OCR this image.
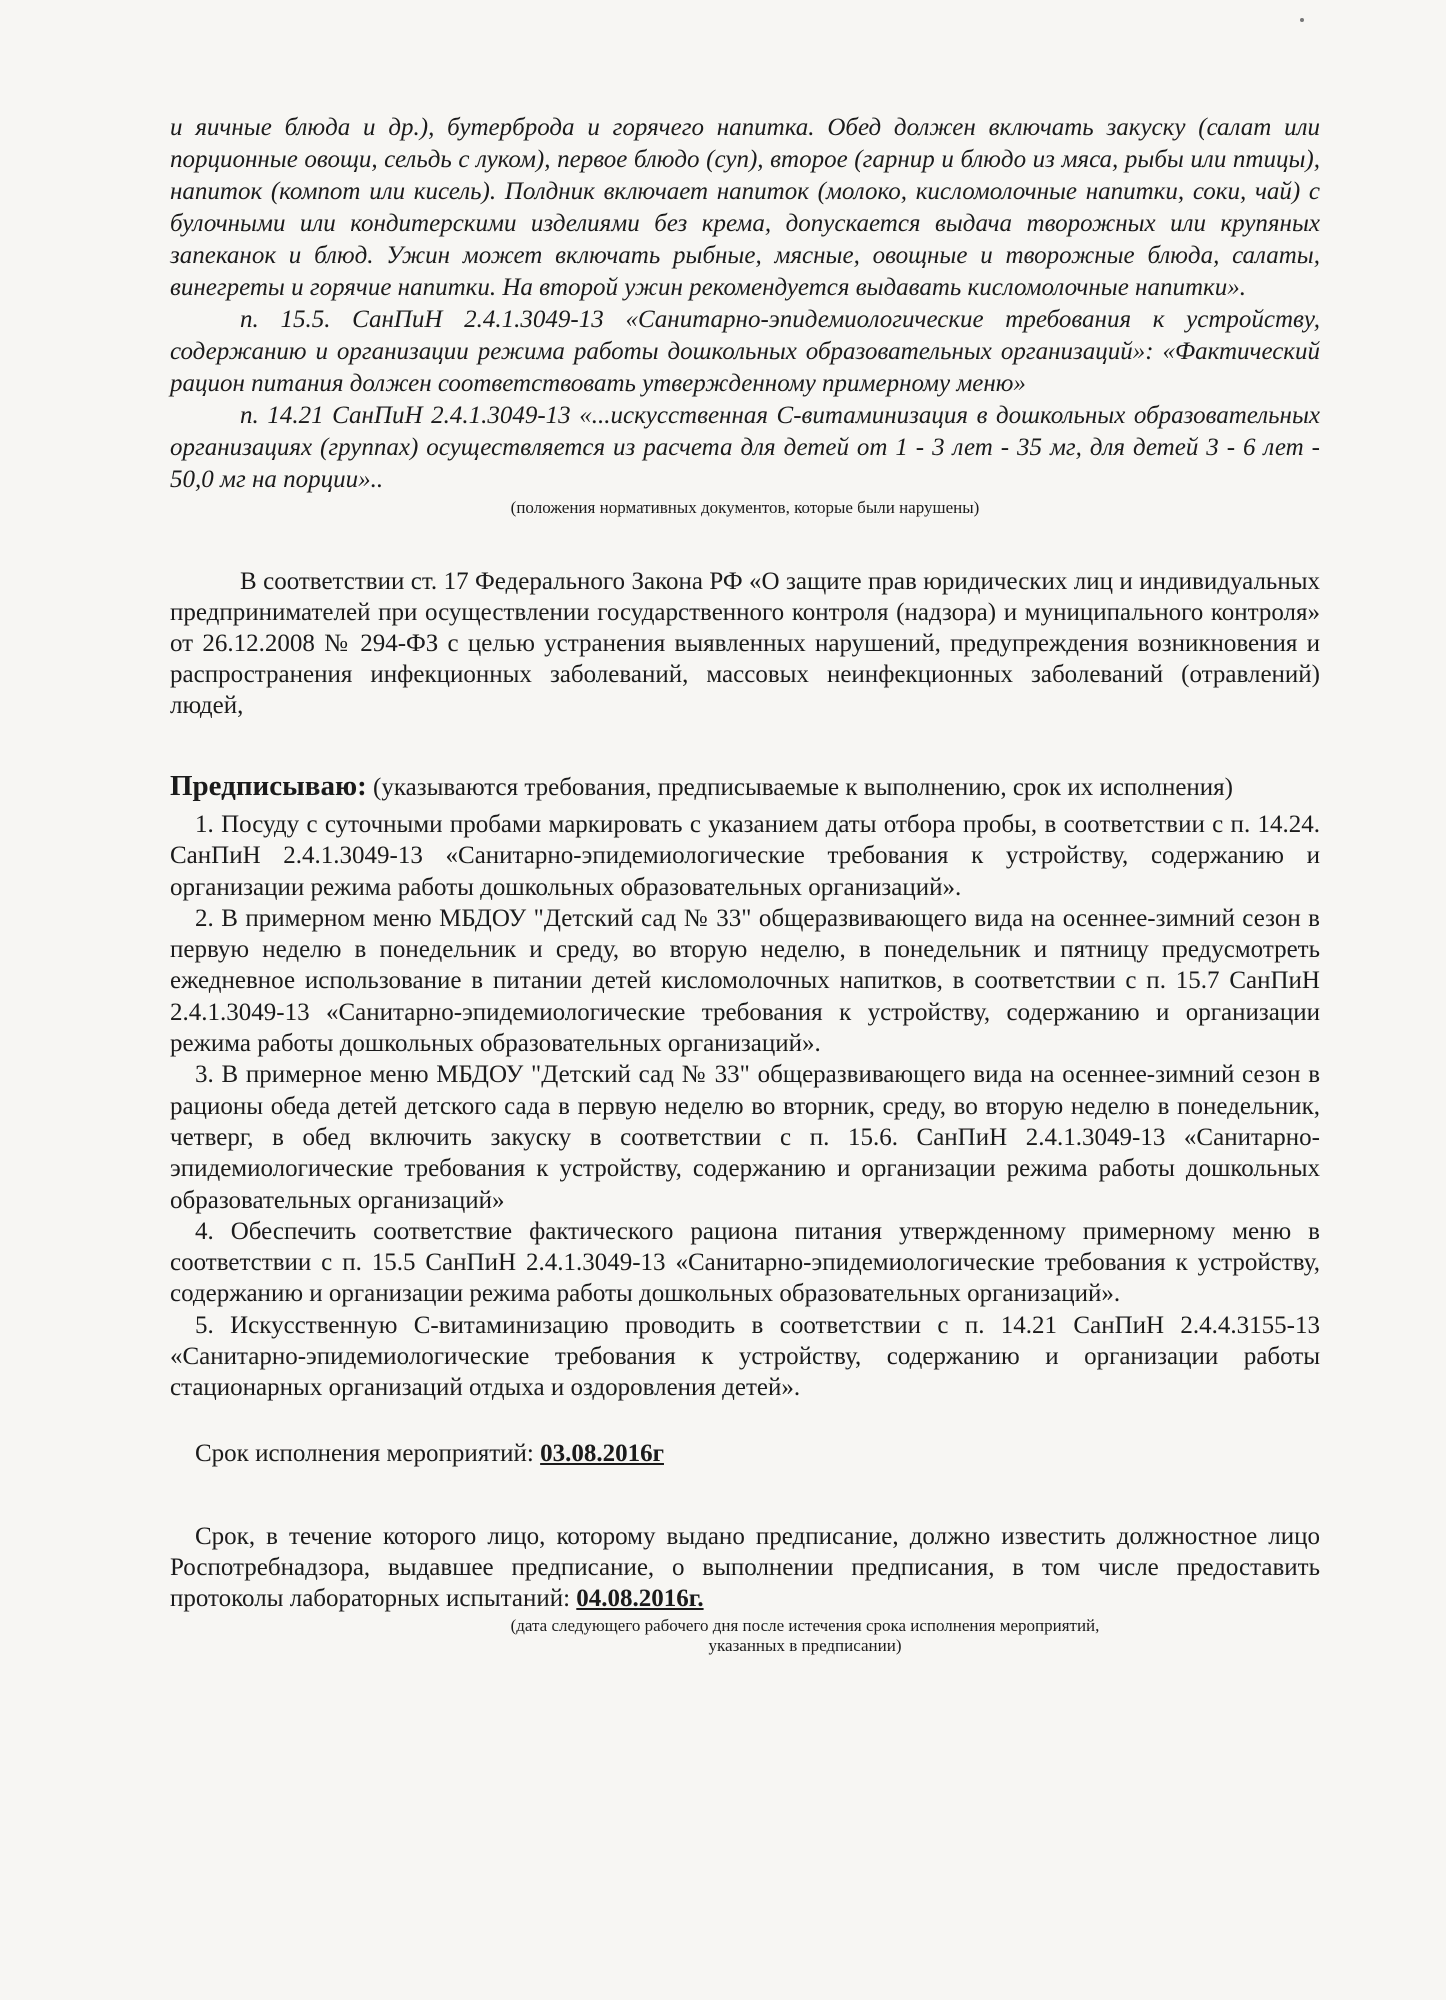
и яичные блюда и др.), бутерброда и горячего напитка. Обед должен включать закуску (салат или порционные овощи, сельдь с луком), первое блюдо (суп), второе (гарнир и блюдо из мяса, рыбы или птицы), напиток (компот или кисель). Полдник включает напиток (молоко, кисломолочные напитки, соки, чай) с булочными или кондитерскими изделиями без крема, допускается выдача творожных или крупяных запеканок и блюд. Ужин может включать рыбные, мясные, овощные и творожные блюда, салаты, винегреты и горячие напитки. На второй ужин рекомендуется выдавать кисломолочные напитки».

п. 15.5. СанПиН 2.4.1.3049-13 «Санитарно-эпидемиологические требования к устройству, содержанию и организации режима работы дошкольных образовательных организаций»: «Фактический рацион питания должен соответствовать утвержденному примерному меню»

п. 14.21 СанПиН 2.4.1.3049-13 «...искусственная С-витаминизация в дошкольных образовательных организациях (группах) осуществляется из расчета для детей от 1 - 3 лет - 35 мг, для детей 3 - 6 лет - 50,0 мг на порции»..

(положения нормативных документов, которые были нарушены)

В соответствии ст. 17 Федерального Закона РФ «О защите прав юридических лиц и индивидуальных предпринимателей при осуществлении государственного контроля (надзора) и муниципального контроля» от 26.12.2008 № 294-ФЗ с целью устранения выявленных нарушений, предупреждения возникновения и распространения инфекционных заболеваний, массовых неинфекционных заболеваний (отравлений) людей,

Предписываю: (указываются требования, предписываемые к выполнению, срок их исполнения)

1. Посуду с суточными пробами маркировать с указанием даты отбора пробы, в соответствии с п. 14.24. СанПиН 2.4.1.3049-13 «Санитарно-эпидемиологические требования к устройству, содержанию и организации режима работы дошкольных образовательных организаций».
2. В примерном меню МБДОУ "Детский сад № 33" общеразвивающего вида на осеннее-зимний сезон в первую неделю в понедельник и среду, во вторую неделю, в понедельник и пятницу предусмотреть ежедневное использование в питании детей кисломолочных напитков, в соответствии с п. 15.7 СанПиН 2.4.1.3049-13 «Санитарно-эпидемиологические требования к устройству, содержанию и организации режима работы дошкольных образовательных организаций».
3. В примерное меню МБДОУ "Детский сад № 33" общеразвивающего вида на осеннее-зимний сезон в рационы обеда детей детского сада в первую неделю во вторник, среду, во вторую неделю в понедельник, четверг, в обед включить закуску в соответствии с п. 15.6. СанПиН 2.4.1.3049-13 «Санитарно-эпидемиологические требования к устройству, содержанию и организации режима работы дошкольных образовательных организаций»
4. Обеспечить соответствие фактического рациона питания утвержденному примерному меню в соответствии с п. 15.5 СанПиН 2.4.1.3049-13 «Санитарно-эпидемиологические требования к устройству, содержанию и организации режима работы дошкольных образовательных организаций».
5. Искусственную С-витаминизацию проводить в соответствии с п. 14.21 СанПиН 2.4.4.3155-13 «Санитарно-эпидемиологические требования к устройству, содержанию и организации работы стационарных организаций отдыха и оздоровления детей».

Срок исполнения мероприятий: 03.08.2016г

Срок, в течение которого лицо, которому выдано предписание, должно известить должностное лицо Роспотребнадзора, выдавшее предписание, о выполнении предписания, в том числе предоставить протоколы лабораторных испытаний: 04.08.2016г.

(дата следующего рабочего дня после истечения срока исполнения мероприятий,
указанных в предписании)
